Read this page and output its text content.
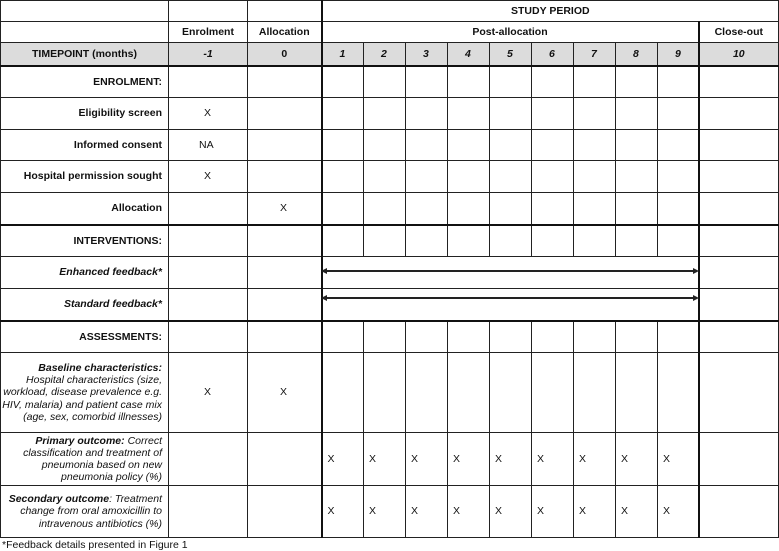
			STUDY PERIOD									
	Enrolment	Allocation	Post-allocation									Close-out
TIMEPOINT (months)	-1	0	1	2	3	4	5	6	7	8	9	10
ENROLMENT:												
Eligibility screen	X											
Informed consent	NA											
Hospital permission sought	X											
Allocation		X										
INTERVENTIONS:												
Enhanced feedback*												
Standard feedback*												
ASSESSMENTS:												
Baseline characteristics:
Hospital characteristics (size, workload, disease prevalence e.g. HIV, malaria) and patient case mix (age, sex, comorbid illnesses)	X	X										
Primary outcome: Correct classification and treatment of pneumonia based on new pneumonia policy (%)			X	X	X	X	X	X	X	X	X	
Secondary outcome: Treatment change from oral amoxicillin to intravenous antibiotics (%)			X	X	X	X	X	X	X	X	X	
*Feedback details presented in Figure 1
